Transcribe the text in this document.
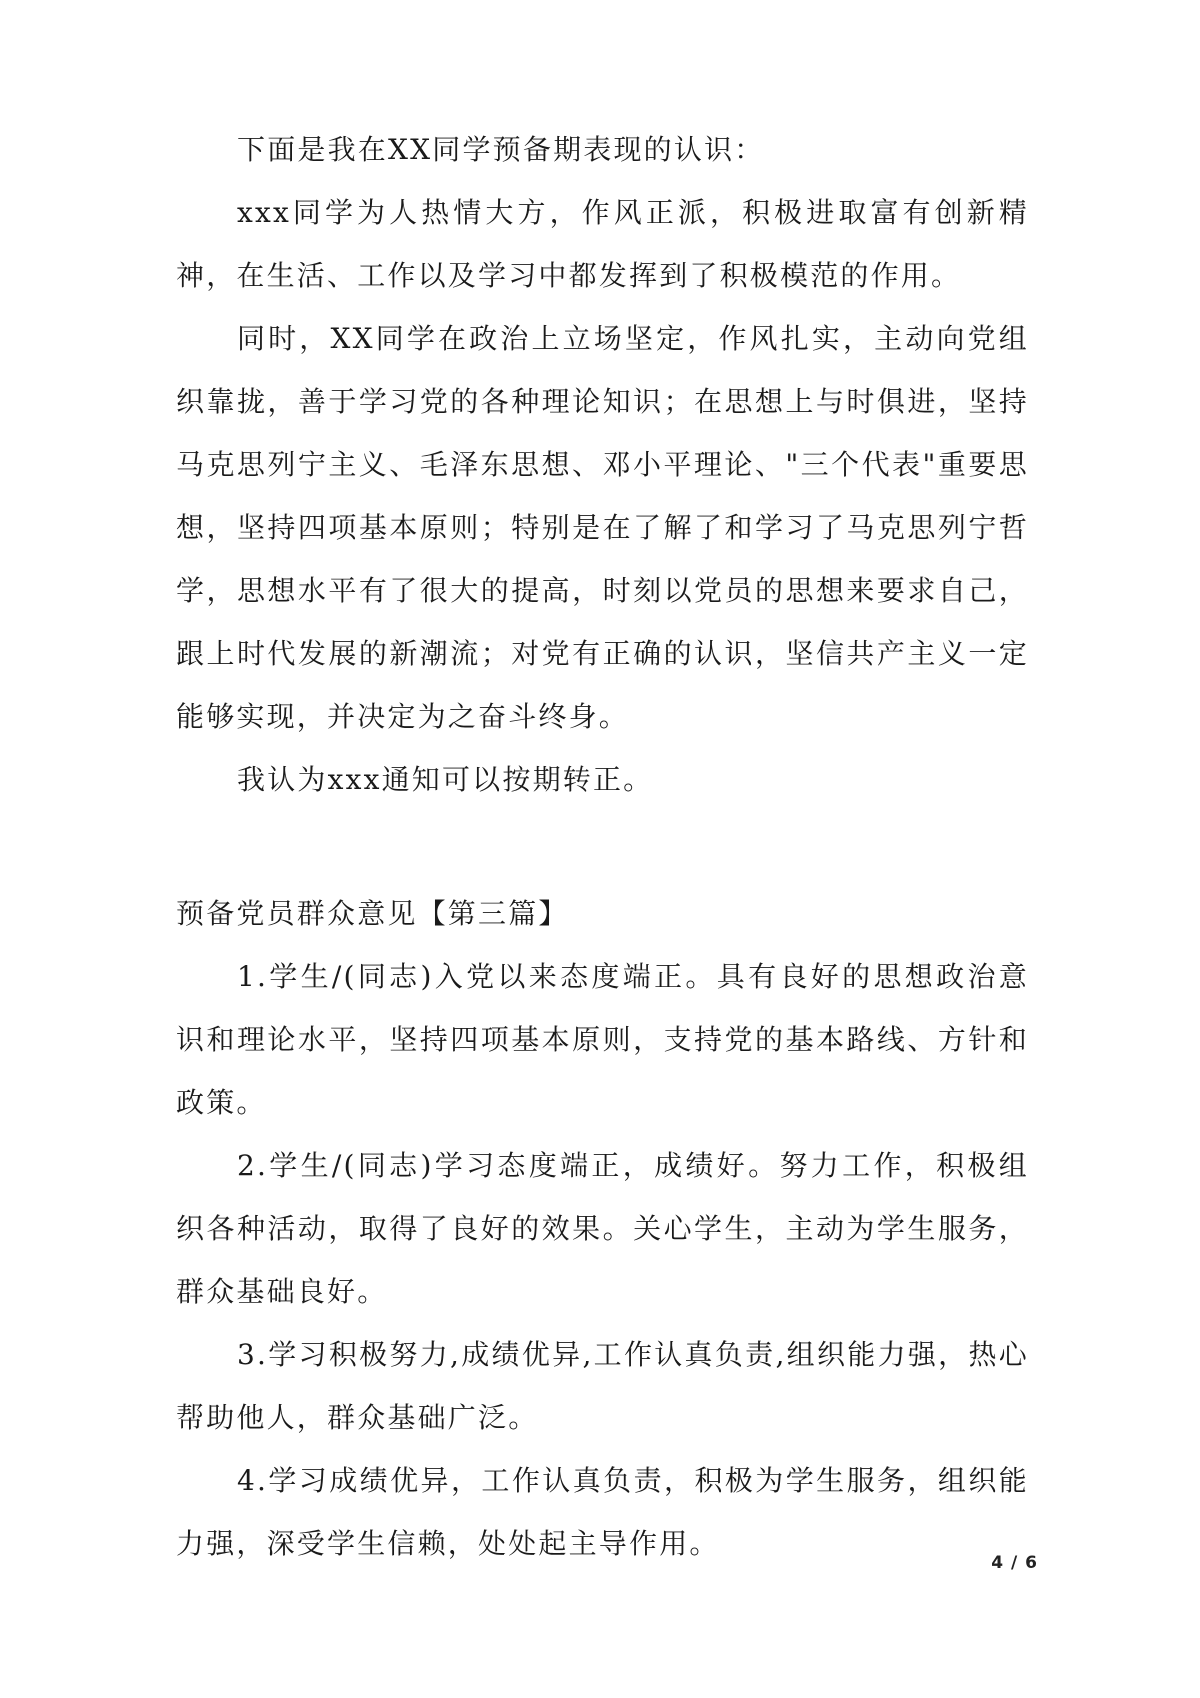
下面是我在XX同学预备期表现的认识：

xxx同学为人热情大方，作风正派，积极进取富有创新精神，在生活、工作以及学习中都发挥到了积极模范的作用。

同时，XX同学在政治上立场坚定，作风扎实，主动向党组织靠拢，善于学习党的各种理论知识；在思想上与时俱进，坚持马克思列宁主义、毛泽东思想、邓小平理论、"三个代表"重要思想，坚持四项基本原则；特别是在了解了和学习了马克思列宁哲学，思想水平有了很大的提高，时刻以党员的思想来要求自己，跟上时代发展的新潮流；对党有正确的认识，坚信共产主义一定能够实现，并决定为之奋斗终身。

我认为xxx通知可以按期转正。

预备党员群众意见【第三篇】

1.学生/(同志)入党以来态度端正。具有良好的思想政治意识和理论水平，坚持四项基本原则，支持党的基本路线、方针和政策。

2.学生/(同志)学习态度端正，成绩好。努力工作，积极组织各种活动，取得了良好的效果。关心学生，主动为学生服务，群众基础良好。

3.学习积极努力,成绩优异,工作认真负责,组织能力强，热心帮助他人，群众基础广泛。

4.学习成绩优异，工作认真负责，积极为学生服务，组织能力强，深受学生信赖，处处起主导作用。

4 / 6
